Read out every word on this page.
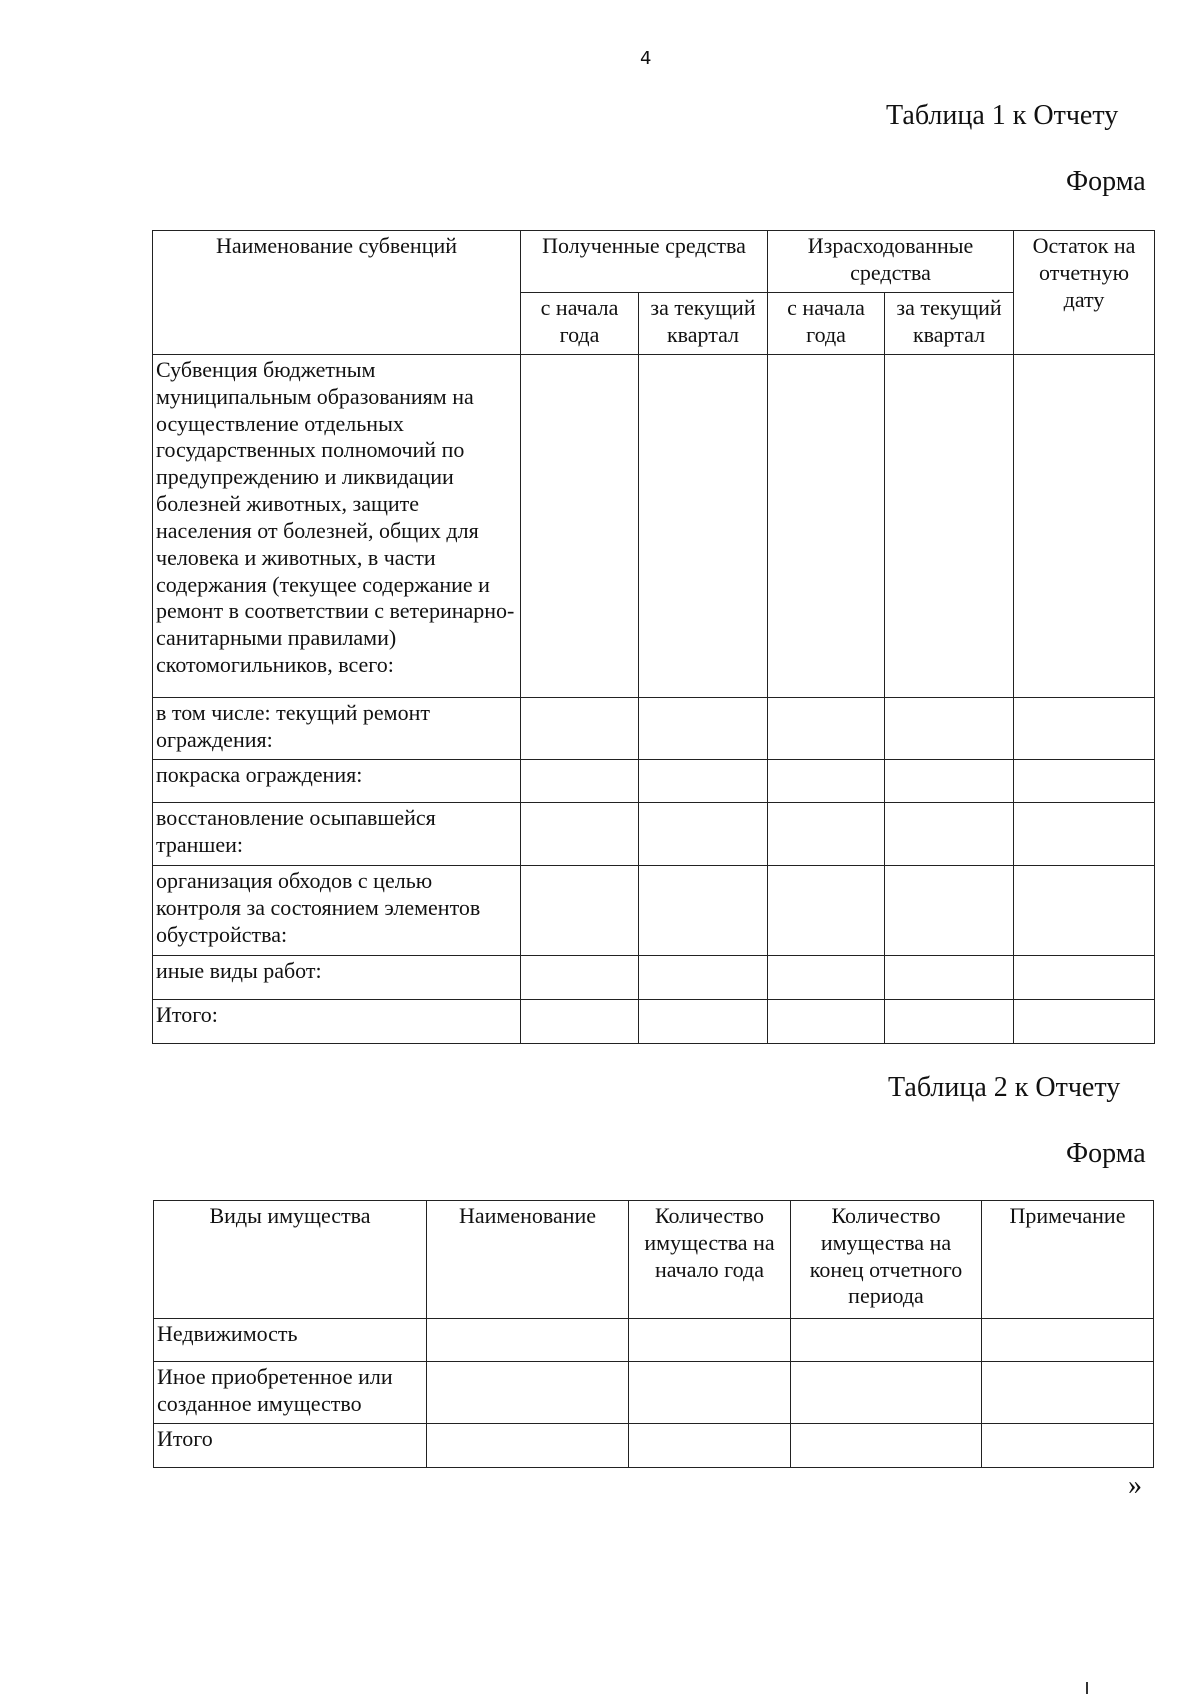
4
Таблица 1 к Отчету
Форма
Наименование субвенций	Полученные средства		Израсходованные средства		Остаток на отчетную дату
	с начала года	за текущий квартал	с начала года	за текущий квартал	
Субвенция бюджетным муниципальным образованиям на осуществление отдельных государственных полномочий по предупреждению и ликвидации болезней животных, защите населения от болезней, общих для человека и животных, в части содержания (текущее содержание и ремонт в соответствии с ветеринарно-санитарными правилами) скотомогильников, всего:					
в том числе: текущий ремонт ограждения:					
покраска ограждения:					
восстановление осыпавшейся траншеи:					
организация обходов с целью контроля за состоянием элементов обустройства:					
иные виды работ:					
Итого:					
Таблица 2 к Отчету
Форма
Виды имущества	Наименование	Количество имущества на начало года	Количество имущества на конец отчетного периода	Примечание
Недвижимость				
Иное приобретенное или созданное имущество				
Итого				
»
